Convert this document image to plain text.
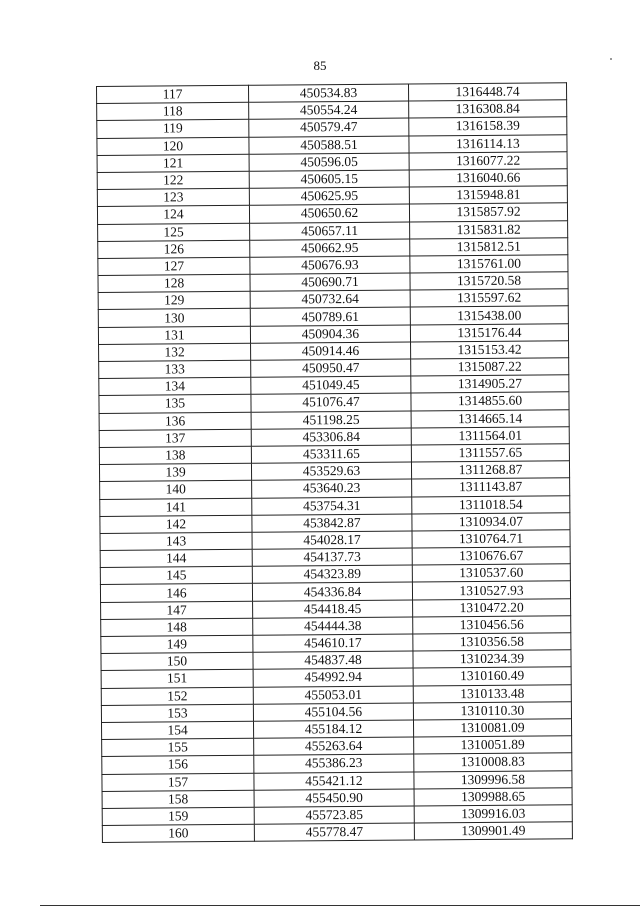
85
117	450534.83	1316448.74
118	450554.24	1316308.84
119	450579.47	1316158.39
120	450588.51	1316114.13
121	450596.05	1316077.22
122	450605.15	1316040.66
123	450625.95	1315948.81
124	450650.62	1315857.92
125	450657.11	1315831.82
126	450662.95	1315812.51
127	450676.93	1315761.00
128	450690.71	1315720.58
129	450732.64	1315597.62
130	450789.61	1315438.00
131	450904.36	1315176.44
132	450914.46	1315153.42
133	450950.47	1315087.22
134	451049.45	1314905.27
135	451076.47	1314855.60
136	451198.25	1314665.14
137	453306.84	1311564.01
138	453311.65	1311557.65
139	453529.63	1311268.87
140	453640.23	1311143.87
141	453754.31	1311018.54
142	453842.87	1310934.07
143	454028.17	1310764.71
144	454137.73	1310676.67
145	454323.89	1310537.60
146	454336.84	1310527.93
147	454418.45	1310472.20
148	454444.38	1310456.56
149	454610.17	1310356.58
150	454837.48	1310234.39
151	454992.94	1310160.49
152	455053.01	1310133.48
153	455104.56	1310110.30
154	455184.12	1310081.09
155	455263.64	1310051.89
156	455386.23	1310008.83
157	455421.12	1309996.58
158	455450.90	1309988.65
159	455723.85	1309916.03
160	455778.47	1309901.49
